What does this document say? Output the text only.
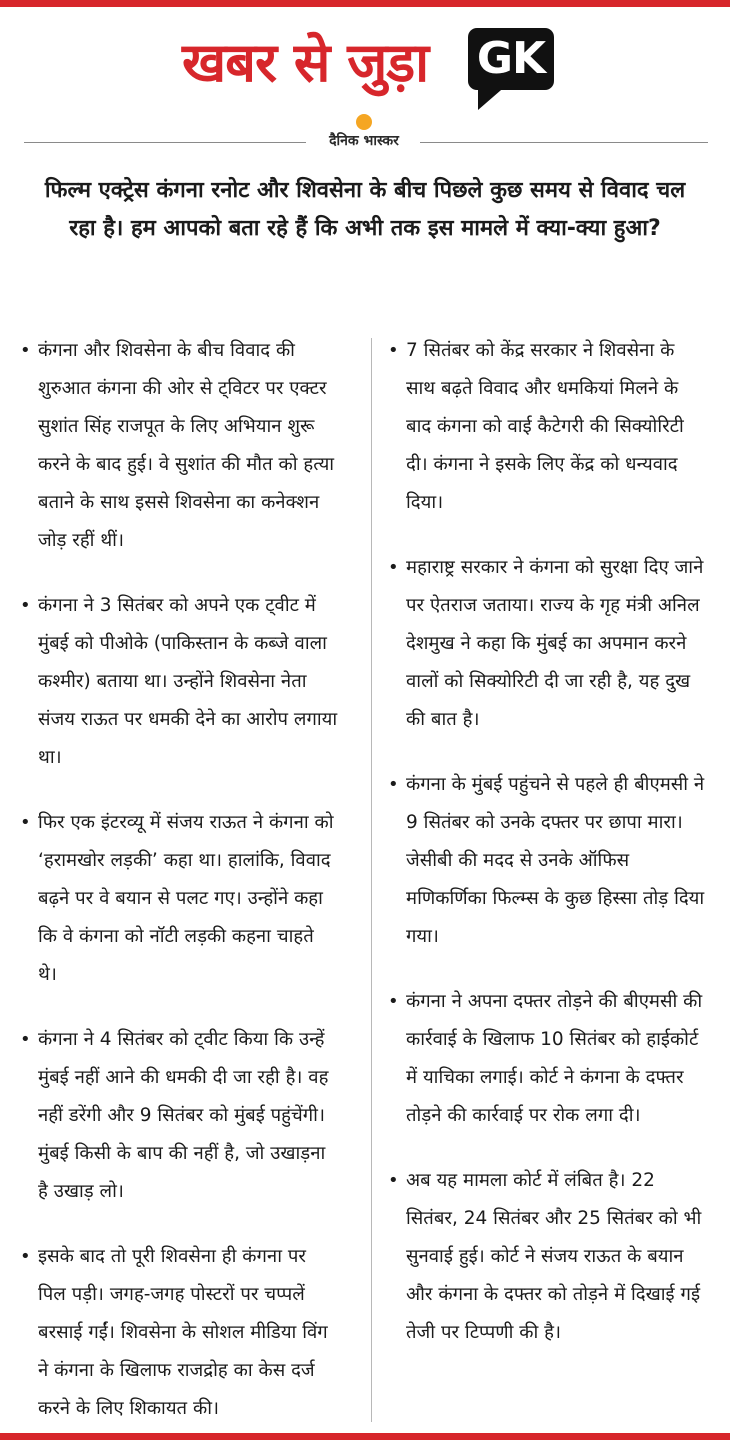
खबर से जुड़ा GK
दैनिक भास्कर
फिल्म एक्ट्रेस कंगना रनोट और शिवसेना के बीच पिछले कुछ समय से विवाद चल रहा है। हम आपको बता रहे हैं कि अभी तक इस मामले में क्या-क्या हुआ?
• कंगना और शिवसेना के बीच विवाद की शुरुआत कंगना की ओर से ट्विटर पर एक्टर सुशांत सिंह राजपूत के लिए अभियान शुरू करने के बाद हुई। वे सुशांत की मौत को हत्या बताने के साथ इससे शिवसेना का कनेक्शन जोड़ रहीं थीं।
• कंगना ने 3 सितंबर को अपने एक ट्वीट में मुंबई को पीओके (पाकिस्तान के कब्जे वाला कश्मीर) बताया था। उन्होंने शिवसेना नेता संजय राऊत पर धमकी देने का आरोप लगाया था।
• फिर एक इंटरव्यू में संजय राऊत ने कंगना को ‘हरामखोर लड़की’ कहा था। हालांकि, विवाद बढ़ने पर वे बयान से पलट गए। उन्होंने कहा कि वे कंगना को नॉटी लड़की कहना चाहते थे।
• कंगना ने 4 सितंबर को ट्वीट किया कि उन्हें मुंबई नहीं आने की धमकी दी जा रही है। वह नहीं डरेंगी और 9 सितंबर को मुंबई पहुंचेंगी। मुंबई किसी के बाप की नहीं है, जो उखाड़ना है उखाड़ लो।
• इसके बाद तो पूरी शिवसेना ही कंगना पर पिल पड़ी। जगह-जगह पोस्टरों पर चप्पलें बरसाई गईं। शिवसेना के सोशल मीडिया विंग ने कंगना के खिलाफ राजद्रोह का केस दर्ज करने के लिए शिकायत की।
• 7 सितंबर को केंद्र सरकार ने शिवसेना के साथ बढ़ते विवाद और धमकियां मिलने के बाद कंगना को वाई कैटेगरी की सिक्योरिटी दी। कंगना ने इसके लिए केंद्र को धन्यवाद दिया।
• महाराष्ट्र सरकार ने कंगना को सुरक्षा दिए जाने पर ऐतराज जताया। राज्य के गृह मंत्री अनिल देशमुख ने कहा कि मुंबई का अपमान करने वालों को सिक्योरिटी दी जा रही है, यह दुख की बात है।
• कंगना के मुंबई पहुंचने से पहले ही बीएमसी ने 9 सितंबर को उनके दफ्तर पर छापा मारा। जेसीबी की मदद से उनके ऑफिस मणिकर्णिका फिल्म्स के कुछ हिस्सा तोड़ दिया गया।
• कंगना ने अपना दफ्तर तोड़ने की बीएमसी की कार्रवाई के खिलाफ 10 सितंबर को हाईकोर्ट में याचिका लगाई। कोर्ट ने कंगना के दफ्तर तोड़ने की कार्रवाई पर रोक लगा दी।
• अब यह मामला कोर्ट में लंबित है। 22 सितंबर, 24 सितंबर और 25 सितंबर को भी सुनवाई हुई। कोर्ट ने संजय राऊत के बयान और कंगना के दफ्तर को तोड़ने में दिखाई गई तेजी पर टिप्पणी की है।
